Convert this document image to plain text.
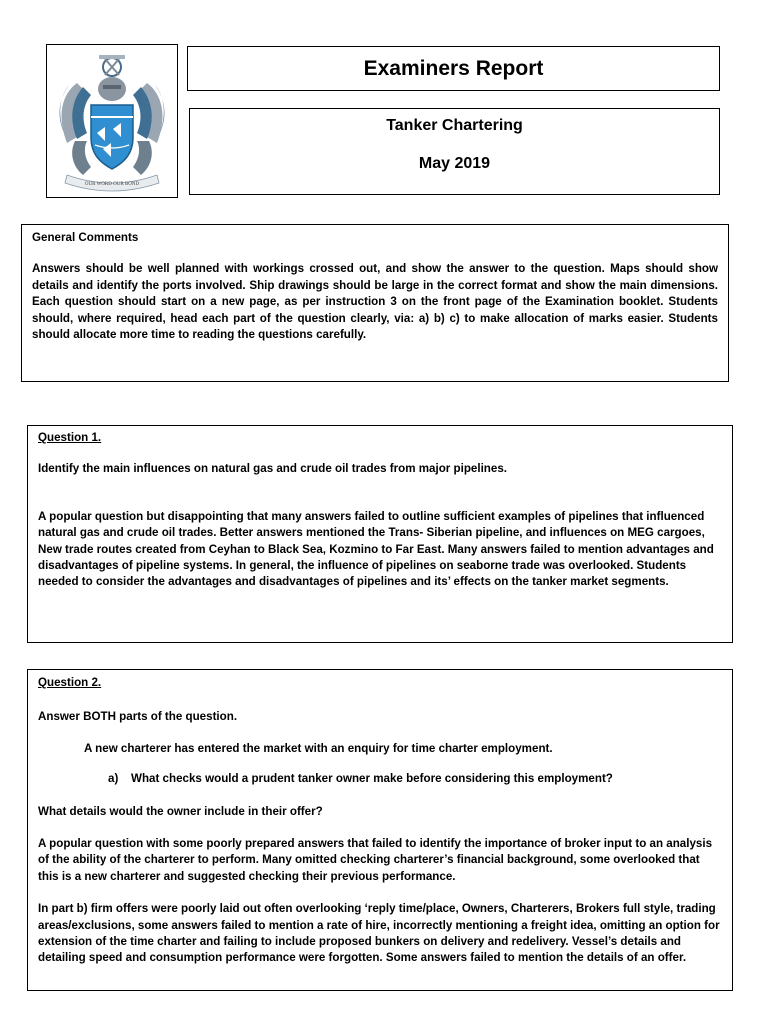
OUR WORD OUR BOND
Examiners Report
Tanker Chartering
May 2019
General Comments
Answers should be well planned with workings crossed out, and show the answer to the question. Maps should show details and identify the ports involved. Ship drawings should be large in the correct format and show the main dimensions. Each question should start on a new page, as per instruction 3 on the front page of the Examination booklet. Students should, where required, head each part of the question clearly, via: a) b) c) to make allocation of marks easier. Students should allocate more time to reading the questions carefully.
Question 1.
Identify the main influences on natural gas and crude oil trades from major pipelines.
A popular question but disappointing that many answers failed to outline sufficient examples of pipelines that influenced natural gas and crude oil trades. Better answers mentioned the Trans- Siberian pipeline, and influences on MEG cargoes, New trade routes created from Ceyhan to Black Sea, Kozmino to Far East. Many answers failed to mention advantages and disadvantages of pipeline systems. In general, the influence of pipelines on seaborne trade was overlooked. Students needed to consider the advantages and disadvantages of pipelines and its’ effects on the tanker market segments.
Question 2.
Answer BOTH parts of the question.
A new charterer has entered the market with an enquiry for time charter employment.
a) What checks would a prudent tanker owner make before considering this employment?
What details would the owner include in their offer?
A popular question with some poorly prepared answers that failed to identify the importance of broker input to an analysis of the ability of the charterer to perform. Many omitted checking charterer’s financial background, some overlooked that this is a new charterer and suggested checking their previous performance.
In part b) firm offers were poorly laid out often overlooking ‘reply time/place, Owners, Charterers, Brokers full style, trading areas/exclusions, some answers failed to mention a rate of hire, incorrectly mentioning a freight idea, omitting an option for extension of the time charter and failing to include proposed bunkers on delivery and redelivery. Vessel’s details and detailing speed and consumption performance were forgotten. Some answers failed to mention the details of an offer.
